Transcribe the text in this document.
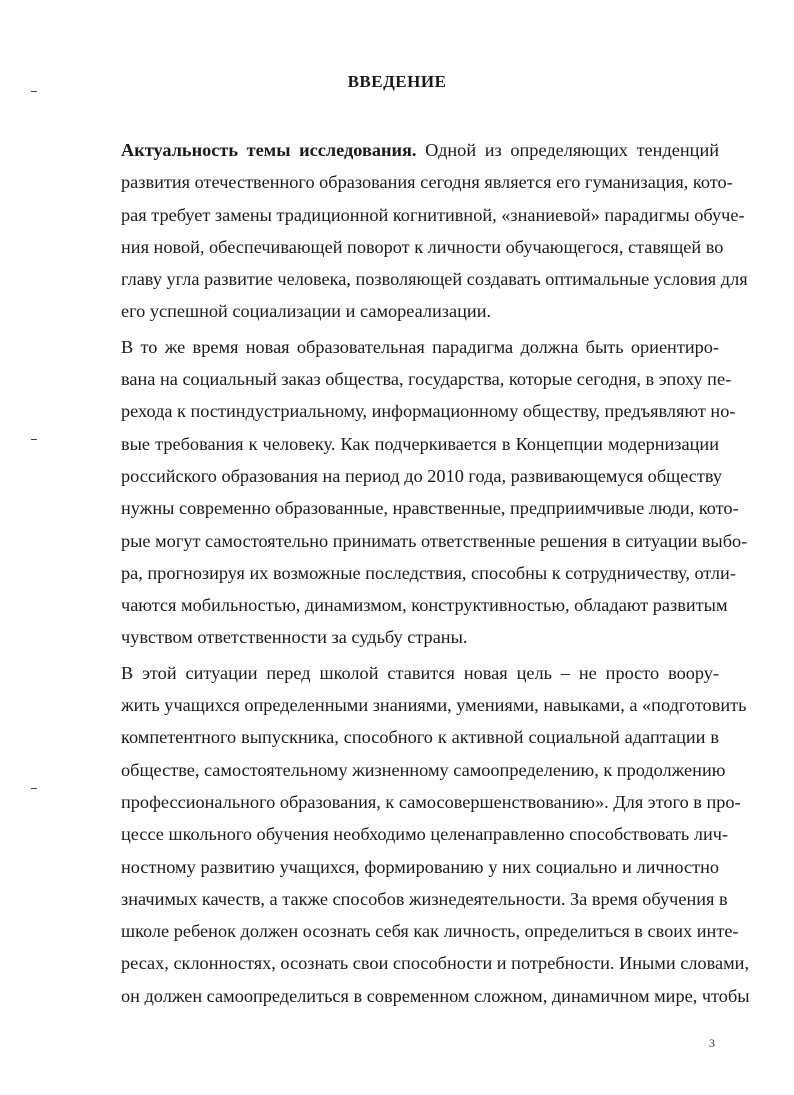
ВВЕДЕНИЕ

Актуальность темы исследования. Одной из определяющих тенденций
развития отечественного образования сегодня является его гуманизация, кото-
рая требует замены традиционной когнитивной, «знаниевой» парадигмы обуче-
ния новой, обеспечивающей поворот к личности обучающегося, ставящей во
главу угла развитие человека, позволяющей создавать оптимальные условия для
его успешной социализации и самореализации.

В то же время новая образовательная парадигма должна быть ориентиро-
вана на социальный заказ общества, государства, которые сегодня, в эпоху пе-
рехода к постиндустриальному, информационному обществу, предъявляют но-
вые требования к человеку. Как подчеркивается в Концепции модернизации
российского образования на период до 2010 года, развивающемуся обществу
нужны современно образованные, нравственные, предприимчивые люди, кото-
рые могут самостоятельно принимать ответственные решения в ситуации выбо-
ра, прогнозируя их возможные последствия, способны к сотрудничеству, отли-
чаются мобильностью, динамизмом, конструктивностью, обладают развитым
чувством ответственности за судьбу страны.

В этой ситуации перед школой ставится новая цель – не просто воору-
жить учащихся определенными знаниями, умениями, навыками, а «подготовить
компетентного выпускника, способного к активной социальной адаптации в
обществе, самостоятельному жизненному самоопределению, к продолжению
профессионального образования, к самосовершенствованию». Для этого в про-
цессе школьного обучения необходимо целенаправленно способствовать лич-
ностному развитию учащихся, формированию у них социально и личностно
значимых качеств, а также способов жизнедеятельности. За время обучения в
школе ребенок должен осознать себя как личность, определиться в своих инте-
ресах, склонностях, осознать свои способности и потребности. Иными словами,
он должен самоопределиться в современном сложном, динамичном мире, чтобы

3
